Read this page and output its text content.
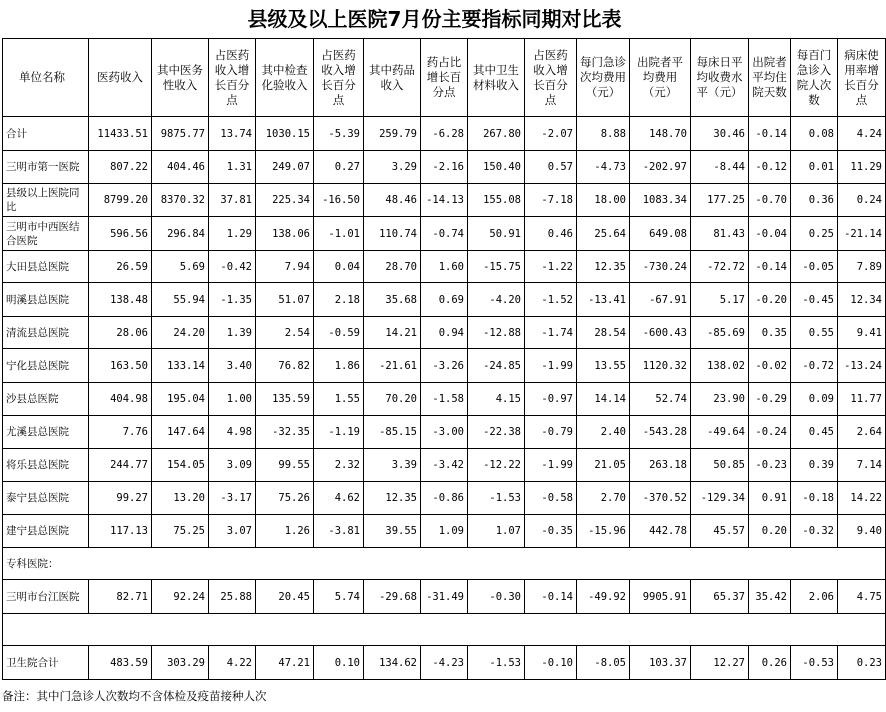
县级及以上医院7月份主要指标同期对比表
单位名称	医药收入	其中医务性收入	占医药收入增长百分点	其中检查化验收入	占医药收入增长百分点	其中药品收入	药占比增长百分点	其中卫生材料收入	占医药收入增长百分点	每门急诊次均费用（元）	出院者平均费用（元）	每床日平均收费水平（元）	出院者平均住院天数	每百门急诊入院人次数	病床使用率增长百分点
合计	11433.51	9875.77	13.74	1030.15	-5.39	259.79	-6.28	267.80	-2.07	8.88	148.70	30.46	-0.14	0.08	4.24
三明市第一医院	807.22	404.46	1.31	249.07	0.27	3.29	-2.16	150.40	0.57	-4.73	-202.97	-8.44	-0.12	0.01	11.29
县级以上医院同比	8799.20	8370.32	37.81	225.34	-16.50	48.46	-14.13	155.08	-7.18	18.00	1083.34	177.25	-0.70	0.36	0.24
三明市中西医结合医院	596.56	296.84	1.29	138.06	-1.01	110.74	-0.74	50.91	0.46	25.64	649.08	81.43	-0.04	0.25	-21.14
大田县总医院	26.59	5.69	-0.42	7.94	0.04	28.70	1.60	-15.75	-1.22	12.35	-730.24	-72.72	-0.14	-0.05	7.89
明溪县总医院	138.48	55.94	-1.35	51.07	2.18	35.68	0.69	-4.20	-1.52	-13.41	-67.91	5.17	-0.20	-0.45	12.34
清流县总医院	28.06	24.20	1.39	2.54	-0.59	14.21	0.94	-12.88	-1.74	28.54	-600.43	-85.69	0.35	0.55	9.41
宁化县总医院	163.50	133.14	3.40	76.82	1.86	-21.61	-3.26	-24.85	-1.99	13.55	1120.32	138.02	-0.02	-0.72	-13.24
沙县总医院	404.98	195.04	1.00	135.59	1.55	70.20	-1.58	4.15	-0.97	14.14	52.74	23.90	-0.29	0.09	11.77
尤溪县总医院	7.76	147.64	4.98	-32.35	-1.19	-85.15	-3.00	-22.38	-0.79	2.40	-543.28	-49.64	-0.24	0.45	2.64
将乐县总医院	244.77	154.05	3.09	99.55	2.32	3.39	-3.42	-12.22	-1.99	21.05	263.18	50.85	-0.23	0.39	7.14
泰宁县总医院	99.27	13.20	-3.17	75.26	4.62	12.35	-0.86	-1.53	-0.58	2.70	-370.52	-129.34	0.91	-0.18	14.22
建宁县总医院	117.13	75.25	3.07	1.26	-3.81	39.55	1.09	1.07	-0.35	-15.96	442.78	45.57	0.20	-0.32	9.40
专科医院：															
三明市台江医院	82.71	92.24	25.88	20.45	5.74	-29.68	-31.49	-0.30	-0.14	-49.92	9905.91	65.37	35.42	2.06	4.75

卫生院合计	483.59	303.29	4.22	47.21	0.10	134.62	-4.23	-1.53	-0.10	-8.05	103.37	12.27	0.26	-0.53	0.23
备注：其中门急诊人次数均不含体检及疫苗接种人次
